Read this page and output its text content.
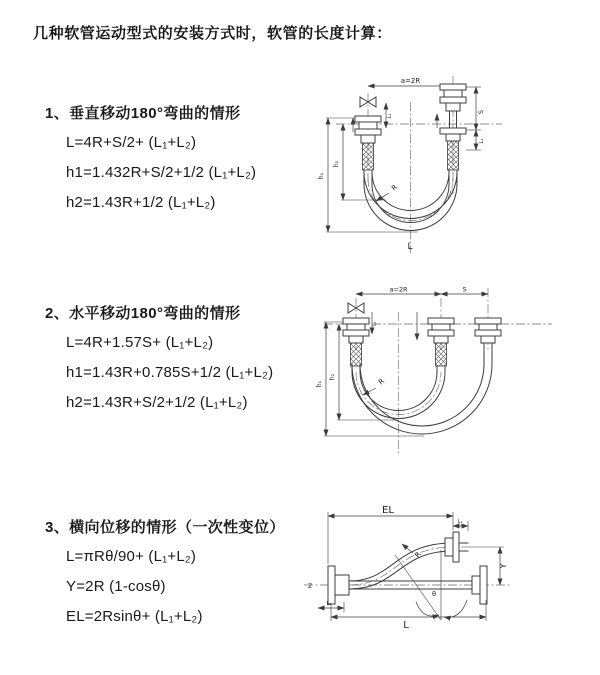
几种软管运动型式的安装方式时，软管的长度计算：
1、垂直移动180°弯曲的情形
L=4R+S/2+ (L₁+L₂)
h1=1.432R+S/2+1/2 (L₁+L₂)
h2=1.43R+1/2 (L₁+L₂)
2、水平移动180°弯曲的情形
L=4R+1.57S+ (L₁+L₂)
h1=1.43R+0.785S+1/2 (L₁+L₂)
h2=1.43R+S/2+1/2 (L₁+L₂)
3、横向位移的情形（一次性变位）
L=πRθ/90+ (L₁+L₂)
Y=2R (1-cosθ)
EL=2Rsinθ+ (L₁+L₂)
a=2R
S
L₁
L₁
h₁
h₂
R
L
a=2R	S
h₁
h₂
L₁
R
EL
L₁
Y
θ
R
L
L₁
Z
